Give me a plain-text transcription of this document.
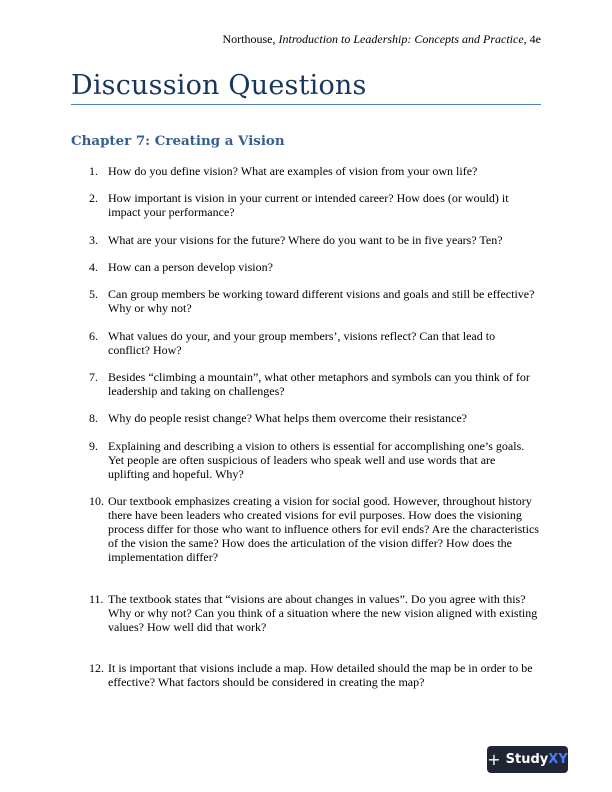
Northouse, Introduction to Leadership: Concepts and Practice, 4e
Discussion Questions
Chapter 7: Creating a Vision
1. How do you define vision? What are examples of vision from your own life?
2. How important is vision in your current or intended career? How does (or would) it impact your performance?
3. What are your visions for the future? Where do you want to be in five years? Ten?
4. How can a person develop vision?
5. Can group members be working toward different visions and goals and still be effective? Why or why not?
6. What values do your, and your group members’, visions reflect? Can that lead to conflict? How?
7. Besides “climbing a mountain”, what other metaphors and symbols can you think of for leadership and taking on challenges?
8. Why do people resist change? What helps them overcome their resistance?
9. Explaining and describing a vision to others is essential for accomplishing one’s goals. Yet people are often suspicious of leaders who speak well and use words that are uplifting and hopeful. Why?
10. Our textbook emphasizes creating a vision for social good. However, throughout history there have been leaders who created visions for evil purposes. How does the visioning process differ for those who want to influence others for evil ends? Are the characteristics of the vision the same? How does the articulation of the vision differ? How does the implementation differ?
11. The textbook states that “visions are about changes in values”. Do you agree with this? Why or why not? Can you think of a situation where the new vision aligned with existing values? How well did that work?
12. It is important that visions include a map. How detailed should the map be in order to be effective? What factors should be considered in creating the map?
+ StudyXY
